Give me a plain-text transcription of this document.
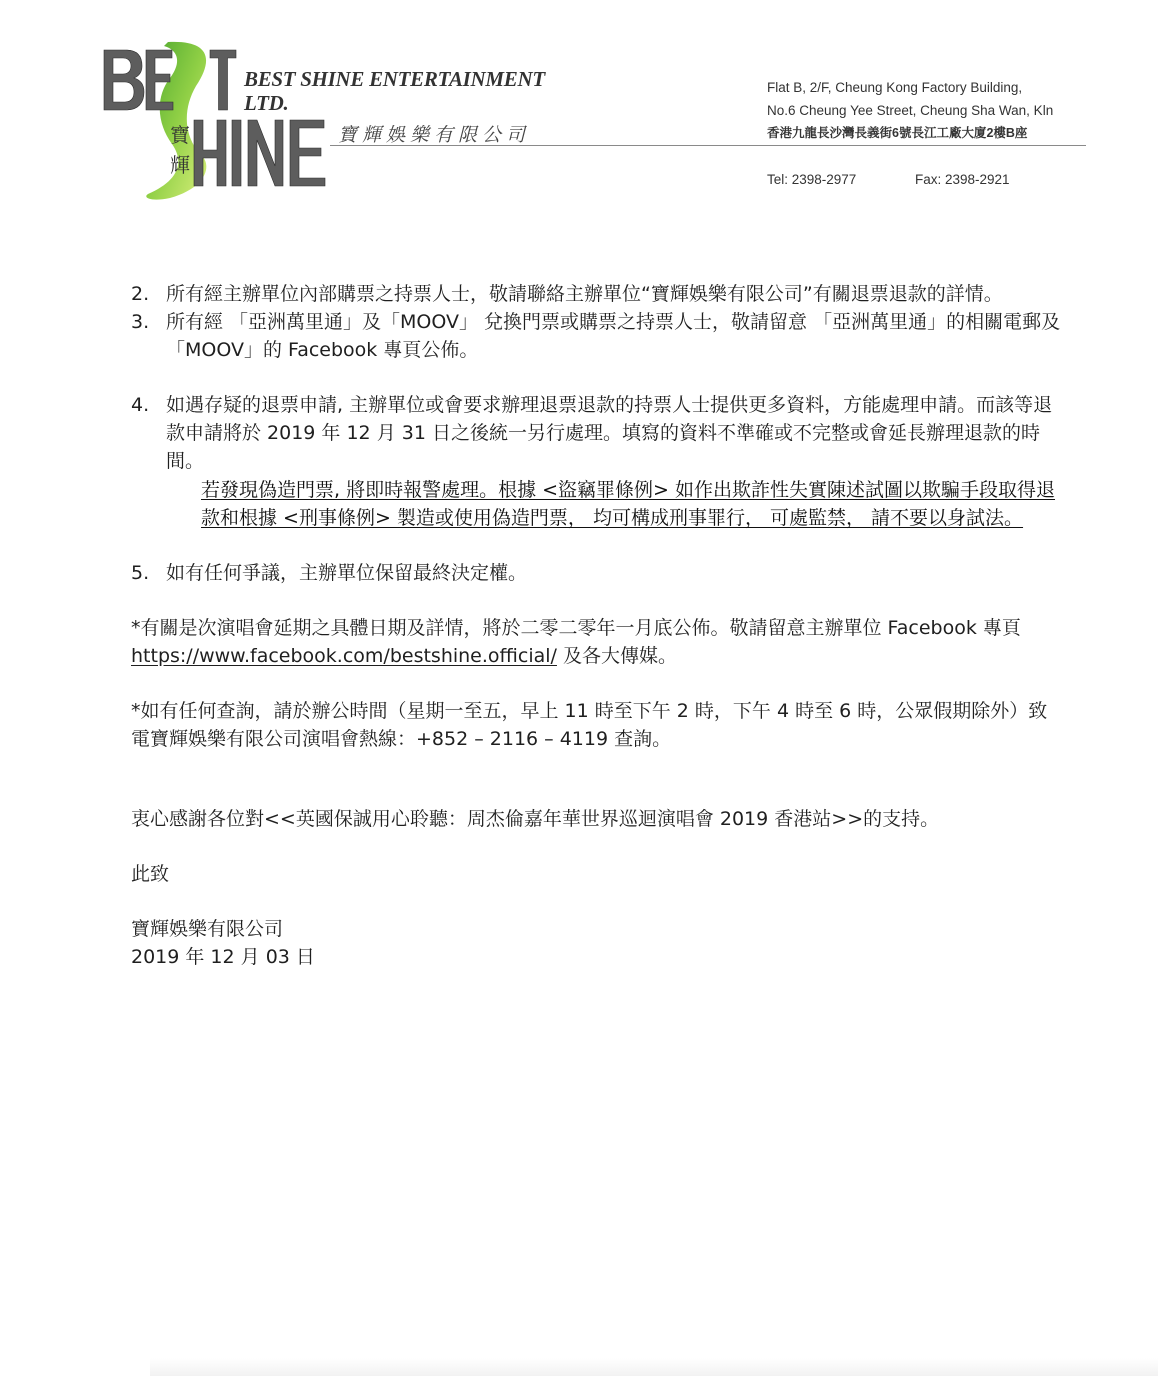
寶
輝
BEST SHINE ENTERTAINMENT
LTD.
寶輝娛樂有限公司
Flat B, 2/F, Cheung Kong Factory Building,
No.6 Cheung Yee Street, Cheung Sha Wan, Kln
香港九龍長沙灣長義街6號長江工廠大廈2樓B座
Tel: 2398-2977	Fax: 2398-2921
2. 所有經主辦單位內部購票之持票人士，敬請聯絡主辦單位“寶輝娛樂有限公司”有關退票退款的詳情。

3. 所有經 「亞洲萬里通」及「MOOV」 兌換門票或購票之持票人士，敬請留意 「亞洲萬里通」的相關電郵及「MOOV」的 Facebook 專頁公佈。

4. 如遇存疑的退票申請, 主辦單位或會要求辦理退票退款的持票人士提供更多資料，方能處理申請。而該等退款申請將於 2019 年 12 月 31 日之後統一另行處理。填寫的資料不準確或不完整或會延長辦理退款的時間。

若發現偽造門票, 將即時報警處理。根據 <盜竊罪條例> 如作出欺詐性失實陳述試圖以欺騙手段取得退款和根據 <刑事條例> 製造或使用偽造門票， 均可構成刑事罪行， 可處監禁， 請不要以身試法。

5. 如有任何爭議，主辦單位保留最終決定權。

*有關是次演唱會延期之具體日期及詳情，將於二零二零年一月底公佈。敬請留意主辦單位 Facebook 專頁 https://www.facebook.com/bestshine.official/ 及各大傳媒。

*如有任何查詢，請於辦公時間（星期一至五，早上 11 時至下午 2 時，下午 4 時至 6 時，公眾假期除外）致電寶輝娛樂有限公司演唱會熱線：+852 – 2116 – 4119 查詢。

衷心感謝各位對<<英國保誠用心聆聽：周杰倫嘉年華世界巡迴演唱會 2019 香港站>>的支持。

此致

寶輝娛樂有限公司

2019 年 12 月 03 日
